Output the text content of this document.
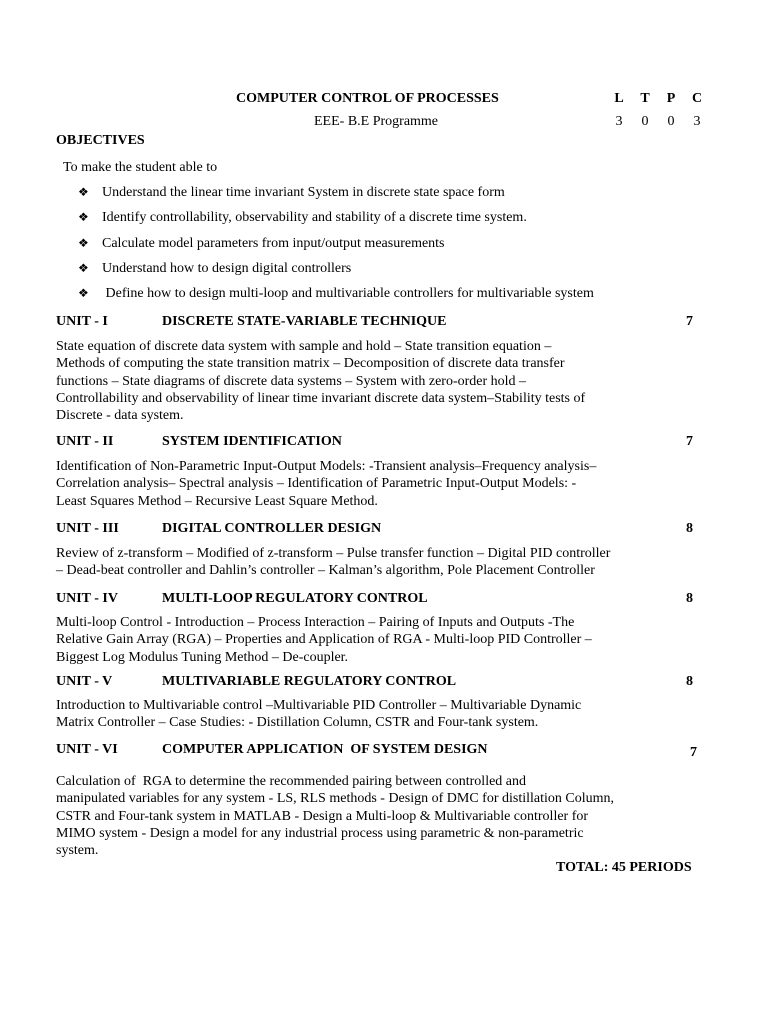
COMPUTER CONTROL OF PROCESSES	L T P C
EEE- B.E Programme	3 0 0 3
OBJECTIVES
To make the student able to
❖ Understand the linear time invariant System in discrete state space form
❖ Identify controllability, observability and stability of a discrete time system.
❖ Calculate model parameters from input/output measurements
❖ Understand how to design digital controllers
❖ Define how to design multi-loop and multivariable controllers for multivariable system
UNIT - I	DISCRETE STATE-VARIABLE TECHNIQUE	7
State equation of discrete data system with sample and hold – State transition equation –
Methods of computing the state transition matrix – Decomposition of discrete data transfer
functions – State diagrams of discrete data systems – System with zero-order hold –
Controllability and observability of linear time invariant discrete data system–Stability tests of
Discrete - data system.
UNIT - II	SYSTEM IDENTIFICATION	7
Identification of Non-Parametric Input-Output Models: -Transient analysis–Frequency analysis–
Correlation analysis– Spectral analysis – Identification of Parametric Input-Output Models: -
Least Squares Method – Recursive Least Square Method.
UNIT - III	DIGITAL CONTROLLER DESIGN	8
Review of z-transform – Modified of z-transform – Pulse transfer function – Digital PID controller
– Dead-beat controller and Dahlin’s controller – Kalman’s algorithm, Pole Placement Controller
UNIT - IV	MULTI-LOOP REGULATORY CONTROL	8
Multi-loop Control - Introduction – Process Interaction – Pairing of Inputs and Outputs -The
Relative Gain Array (RGA) – Properties and Application of RGA - Multi-loop PID Controller –
Biggest Log Modulus Tuning Method – De-coupler.
UNIT - V	MULTIVARIABLE REGULATORY CONTROL	8
Introduction to Multivariable control –Multivariable PID Controller – Multivariable Dynamic
Matrix Controller – Case Studies: - Distillation Column, CSTR and Four-tank system.
UNIT - VI	COMPUTER APPLICATION  OF SYSTEM DESIGN	7
Calculation of  RGA to determine the recommended pairing between controlled and
manipulated variables for any system - LS, RLS methods - Design of DMC for distillation Column,
CSTR and Four-tank system in MATLAB - Design a Multi-loop & Multivariable controller for
MIMO system - Design a model for any industrial process using parametric & non-parametric
system.
TOTAL: 45 PERIODS
